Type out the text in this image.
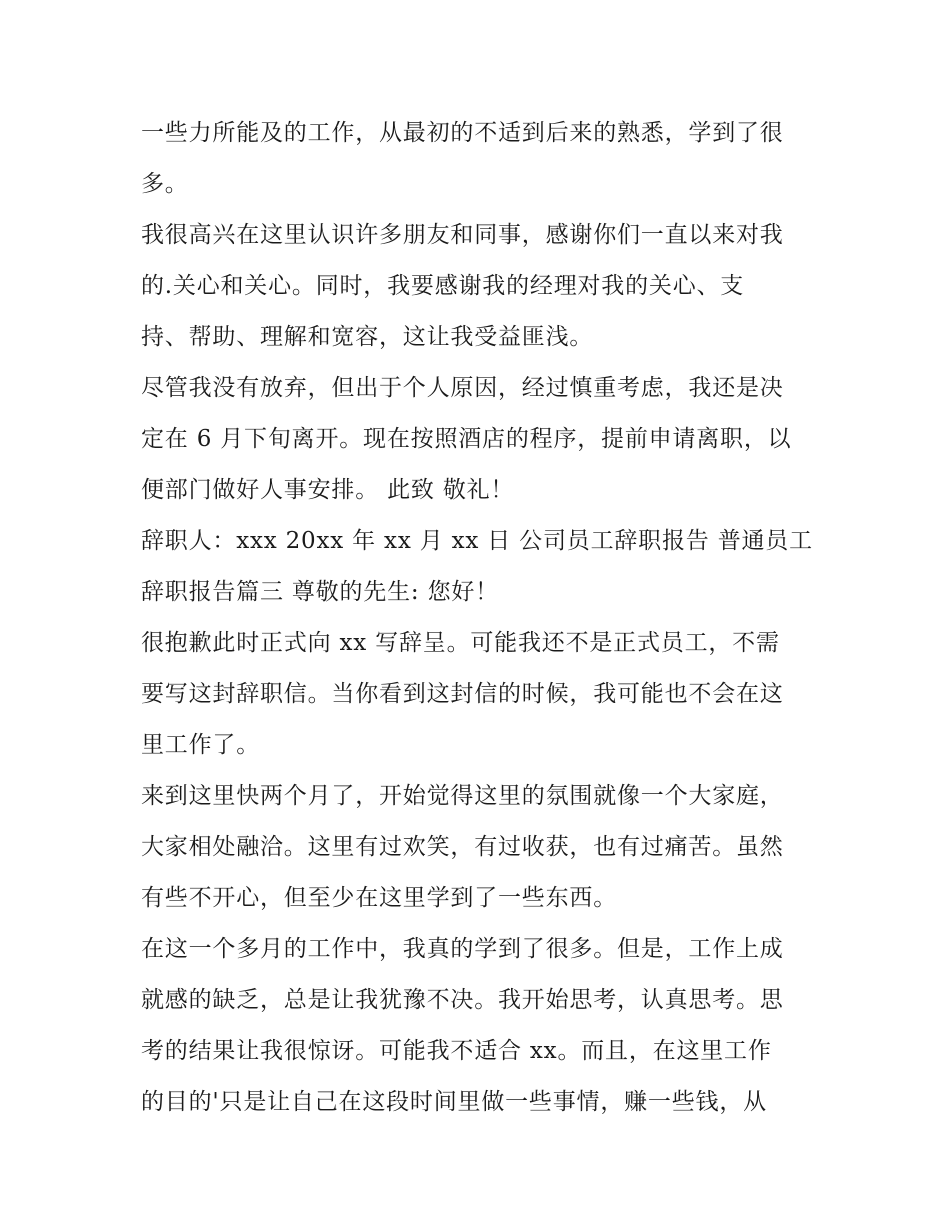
一些力所能及的工作，从最初的不适到后来的熟悉，学到了很
多。
我很高兴在这里认识许多朋友和同事，感谢你们一直以来对我
的.关心和关心。同时，我要感谢我的经理对我的关心、支
持、帮助、理解和宽容，这让我受益匪浅。
尽管我没有放弃，但出于个人原因，经过慎重考虑，我还是决
定在 6 月下旬离开。现在按照酒店的程序，提前申请离职，以
便部门做好人事安排。 此致 敬礼！
辞职人：xxx 20xx 年 xx 月 xx 日 公司员工辞职报告 普通员工
辞职报告篇三 尊敬的先生: 您好！
很抱歉此时正式向 xx 写辞呈。可能我还不是正式员工，不需
要写这封辞职信。当你看到这封信的时候，我可能也不会在这
里工作了。
来到这里快两个月了，开始觉得这里的氛围就像一个大家庭，
大家相处融洽。这里有过欢笑，有过收获，也有过痛苦。虽然
有些不开心，但至少在这里学到了一些东西。
在这一个多月的工作中，我真的学到了很多。但是，工作上成
就感的缺乏，总是让我犹豫不决。我开始思考，认真思考。思
考的结果让我很惊讶。可能我不适合 xx。而且，在这里工作
的目的'只是让自己在这段时间里做一些事情，赚一些钱，从
